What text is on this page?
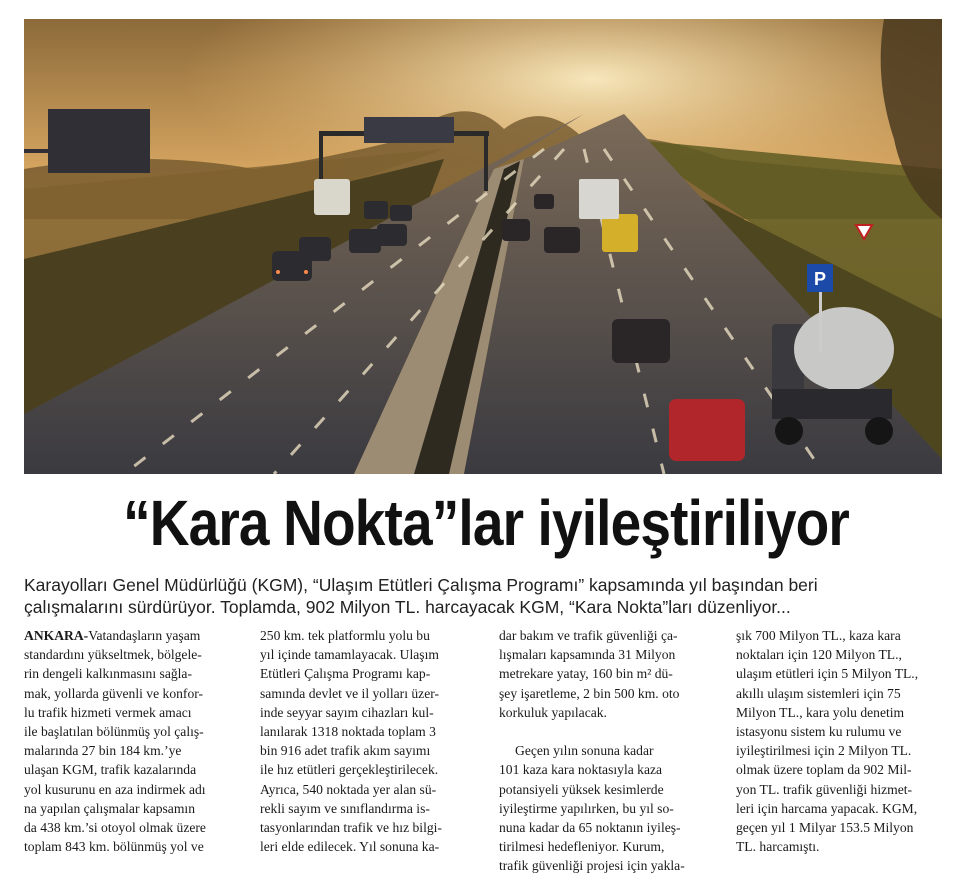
P
“Kara Nokta”lar iyileştiriliyor

Karayolları Genel Müdürlüğü (KGM), “Ulaşım Etütleri Çalışma Programı” kapsamında yıl başından beri

çalışmalarını sürdürüyor. Toplamda, 902 Milyon TL. harcayacak KGM, “Kara Nokta”ları düzenliyor...

ANKARA-Vatandaşların yaşam

standardını yükseltmek, bölgele-

rin dengeli kalkınmasını sağla-

mak, yollarda güvenli ve konfor-

lu trafik hizmeti vermek amacı

ile başlatılan bölünmüş yol çalış-

malarında 27 bin 184 km.’ye

ulaşan KGM, trafik kazalarında

yol kusurunu en aza indirmek adı

na yapılan çalışmalar kapsamın

da 438 km.’si otoyol olmak üzere

toplam 843 km. bölünmüş yol ve

250 km. tek platformlu yolu bu

yıl içinde tamamlayacak. Ulaşım

Etütleri Çalışma Programı kap-

samında devlet ve il yolları üzer-

inde seyyar sayım cihazları kul-

lanılarak 1318 noktada toplam 3

bin 916 adet trafik akım sayımı

ile hız etütleri gerçekleştirilecek.

Ayrıca, 540 noktada yer alan sü-

rekli sayım ve sınıflandırma is-

tasyonlarından trafik ve hız bilgi-

leri elde edilecek. Yıl sonuna ka-

dar bakım ve trafik güvenliği ça-

lışmaları kapsamında 31 Milyon

metrekare yatay, 160 bin m² dü-

şey işaretleme, 2 bin 500 km. oto

korkuluk yapılacak.

Geçen yılın sonuna kadar

101 kaza kara noktasıyla kaza

potansiyeli yüksek kesimlerde

iyileştirme yapılırken, bu yıl so-

nuna kadar da 65 noktanın iyileş-

tirilmesi hedefleniyor. Kurum,

trafik güvenliği projesi için yakla-

şık 700 Milyon TL., kaza kara

noktaları için 120 Milyon TL.,

ulaşım etütleri için 5 Milyon TL.,

akıllı ulaşım sistemleri için 75

Milyon TL., kara yolu denetim

istasyonu sistem ku rulumu ve

iyileştirilmesi için 2 Milyon TL.

olmak üzere toplam da 902 Mil-

yon TL. trafik güvenliği hizmet-

leri için harcama yapacak. KGM,

geçen yıl 1 Milyar 153.5 Milyon

TL. harcamıştı.
